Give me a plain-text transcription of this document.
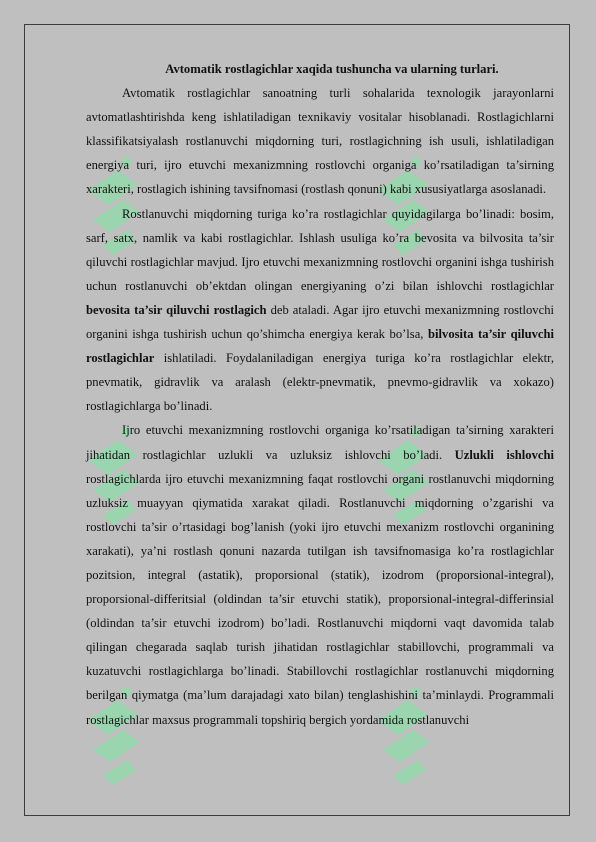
Avtomatik rostlagichlar xaqida tushuncha va ularning turlari.

Avtomatik rostlagichlar sanoatning turli sohalarida texnologik jarayonlarni avtomatlashtirishda keng ishlatiladigan texnikaviy vositalar hisoblanadi. Rostlagichlarni klassifikatsiyalash rostlanuvchi miqdorning turi, rostlagichning ish usuli, ishlatiladigan energiya turi, ijro etuvchi mexanizmning rostlovchi organiga ko’rsatiladigan ta’sirning xarakteri, rostlagich ishining tavsifnomasi (rostlash qonuni) kabi xususiyatlarga asoslanadi.

Rostlanuvchi miqdorning turiga ko’ra rostlagichlar quyidagilarga bo’linadi: bosim, sarf, satx, namlik va kabi rostlagichlar. Ishlash usuliga ko’ra bevosita va bilvosita ta’sir qiluvchi rostlagichlar mavjud. Ijro etuvchi mexanizmning rostlovchi organini ishga tushirish uchun rostlanuvchi ob’ektdan olingan energiyaning o’zi bilan ishlovchi rostlagichlar bevosita ta’sir qiluvchi rostlagich deb ataladi. Agar ijro etuvchi mexanizmning rostlovchi organini ishga tushirish uchun qo’shimcha energiya kerak bo’lsa, bilvosita ta’sir qiluvchi rostlagichlar ishlatiladi. Foydalaniladigan energiya turiga ko’ra rostlagichlar elektr, pnevmatik, gidravlik va aralash (elektr-pnevmatik, pnevmo-gidravlik va xokazo) rostlagichlarga bo’linadi.

Ijro etuvchi mexanizmning rostlovchi organiga ko’rsatiladigan ta’sirning xarakteri jihatidan rostlagichlar uzlukli va uzluksiz ishlovchi bo’ladi. Uzlukli ishlovchi rostlagichlarda ijro etuvchi mexanizmning faqat rostlovchi organi rostlanuvchi miqdorning uzluksiz muayyan qiymatida xarakat qiladi. Rostlanuvchi miqdorning o’zgarishi va rostlovchi ta’sir o’rtasidagi bog’lanish (yoki ijro etuvchi mexanizm rostlovchi organining xarakati), ya’ni rostlash qonuni nazarda tutilgan ish tavsifnomasiga ko’ra rostlagichlar pozitsion, integral (astatik), proporsional (statik), izodrom (proporsional-integral), proporsional-differitsial (oldindan ta’sir etuvchi statik), proporsional-integral-differinsial (oldindan ta’sir etuvchi izodrom) bo’ladi. Rostlanuvchi miqdorni vaqt davomida talab qilingan chegarada saqlab turish jihatidan rostlagichlar stabillovchi, programmali va kuzatuvchi rostlagichlarga bo’linadi. Stabillovchi rostlagichlar rostlanuvchi miqdorning berilgan qiymatga (ma’lum darajadagi xato bilan) tenglashishini ta’minlaydi. Programmali rostlagichlar maxsus programmali topshiriq bergich yordamida rostlanuvchi
